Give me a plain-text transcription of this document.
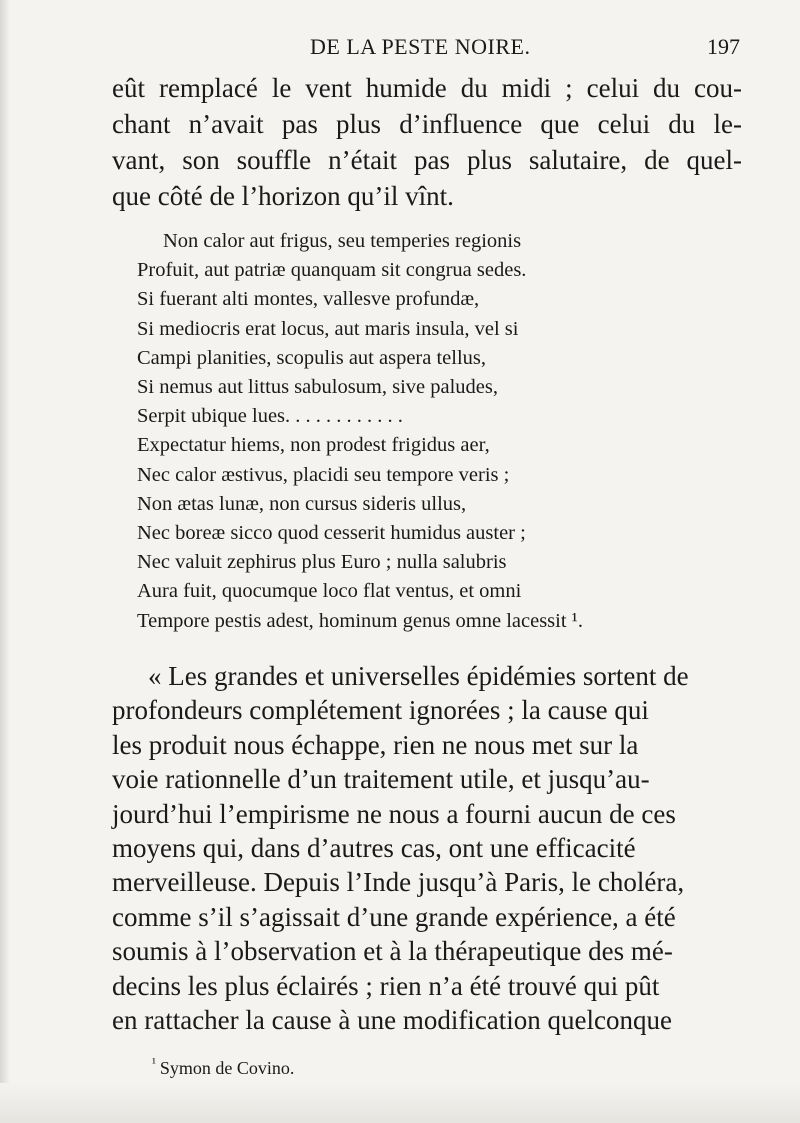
DE LA PESTE NOIRE.	197
eût remplacé le vent humide du midi ; celui du cou-
chant n’avait pas plus d’influence que celui du le-
vant, son souffle n’était pas plus salutaire, de quel-
que côté de l’horizon qu’il vînt.
Non calor aut frigus, seu temperies regionis
Profuit, aut patriæ quanquam sit congrua sedes.
Si fuerant alti montes, vallesve profundæ,
Si mediocris erat locus, aut maris insula, vel si
Campi planities, scopulis aut aspera tellus,
Si nemus aut littus sabulosum, sive paludes,
Serpit ubique lues. . . . . . . . . . . .
Expectatur hiems, non prodest frigidus aer,
Nec calor æstivus, placidi seu tempore veris ;
Non ætas lunæ, non cursus sideris ullus,
Nec boreæ sicco quod cesserit humidus auster ;
Nec valuit zephirus plus Euro ; nulla salubris
Aura fuit, quocumque loco flat ventus, et omni
Tempore pestis adest, hominum genus omne lacessit ¹.
« Les grandes et universelles épidémies sortent de
profondeurs complétement ignorées ; la cause qui
les produit nous échappe, rien ne nous met sur la
voie rationnelle d’un traitement utile, et jusqu’au-
jourd’hui l’empirisme ne nous a fourni aucun de ces
moyens qui, dans d’autres cas, ont une efficacité
merveilleuse. Depuis l’Inde jusqu’à Paris, le choléra,
comme s’il s’agissait d’une grande expérience, a été
soumis à l’observation et à la thérapeutique des mé-
decins les plus éclairés ; rien n’a été trouvé qui pût
en rattacher la cause à une modification quelconque
$^{^1}$ Symon de Covino.
